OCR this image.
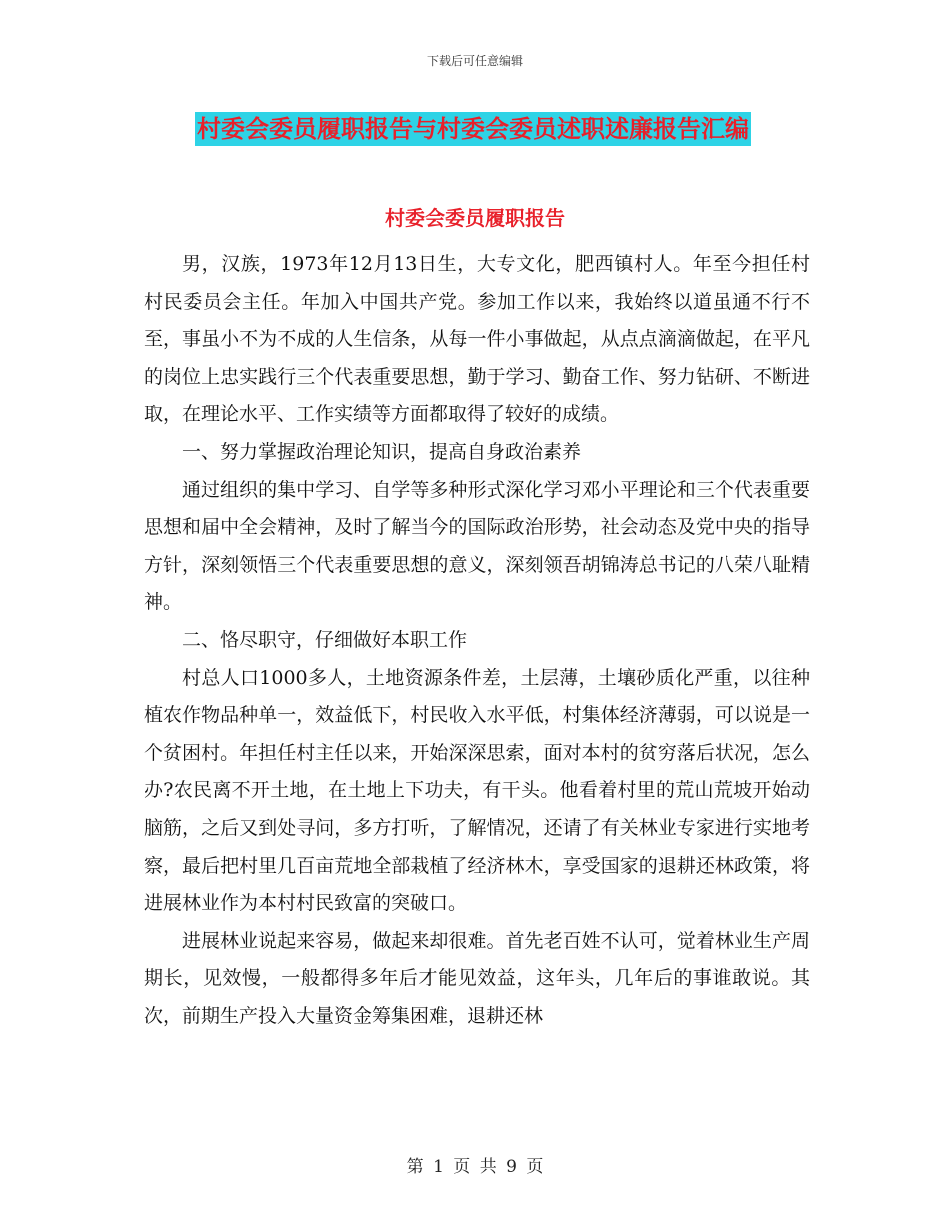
下载后可任意编辑
村委会委员履职报告与村委会委员述职述廉报告汇编
村委会委员履职报告

男，汉族，1973年12月13日生，大专文化，肥西镇村人。年至今担任村村民委员会主任。年加入中国共产党。参加工作以来，我始终以道虽通不行不至，事虽小不为不成的人生信条，从每一件小事做起，从点点滴滴做起，在平凡的岗位上忠实践行三个代表重要思想，勤于学习、勤奋工作、努力钻研、不断进取，在理论水平、工作实绩等方面都取得了较好的成绩。

一、努力掌握政治理论知识，提高自身政治素养

通过组织的集中学习、自学等多种形式深化学习邓小平理论和三个代表重要思想和届中全会精神，及时了解当今的国际政治形势，社会动态及党中央的指导方针，深刻领悟三个代表重要思想的意义，深刻领吾胡锦涛总书记的八荣八耻精神。

二、恪尽职守，仔细做好本职工作

村总人口1000多人，土地资源条件差，土层薄，土壤砂质化严重，以往种植农作物品种单一，效益低下，村民收入水平低，村集体经济薄弱，可以说是一个贫困村。年担任村主任以来，开始深深思索，面对本村的贫穷落后状况，怎么办?农民离不开土地，在土地上下功夫，有干头。他看着村里的荒山荒坡开始动脑筋，之后又到处寻问，多方打听，了解情况，还请了有关林业专家进行实地考察，最后把村里几百亩荒地全部栽植了经济林木，享受国家的退耕还林政策，将进展林业作为本村村民致富的突破口。

进展林业说起来容易，做起来却很难。首先老百姓不认可，觉着林业生产周期长，见效慢，一般都得多年后才能见效益，这年头，几年后的事谁敢说。其次，前期生产投入大量资金筹集困难，退耕还林

第 1 页 共 9 页
